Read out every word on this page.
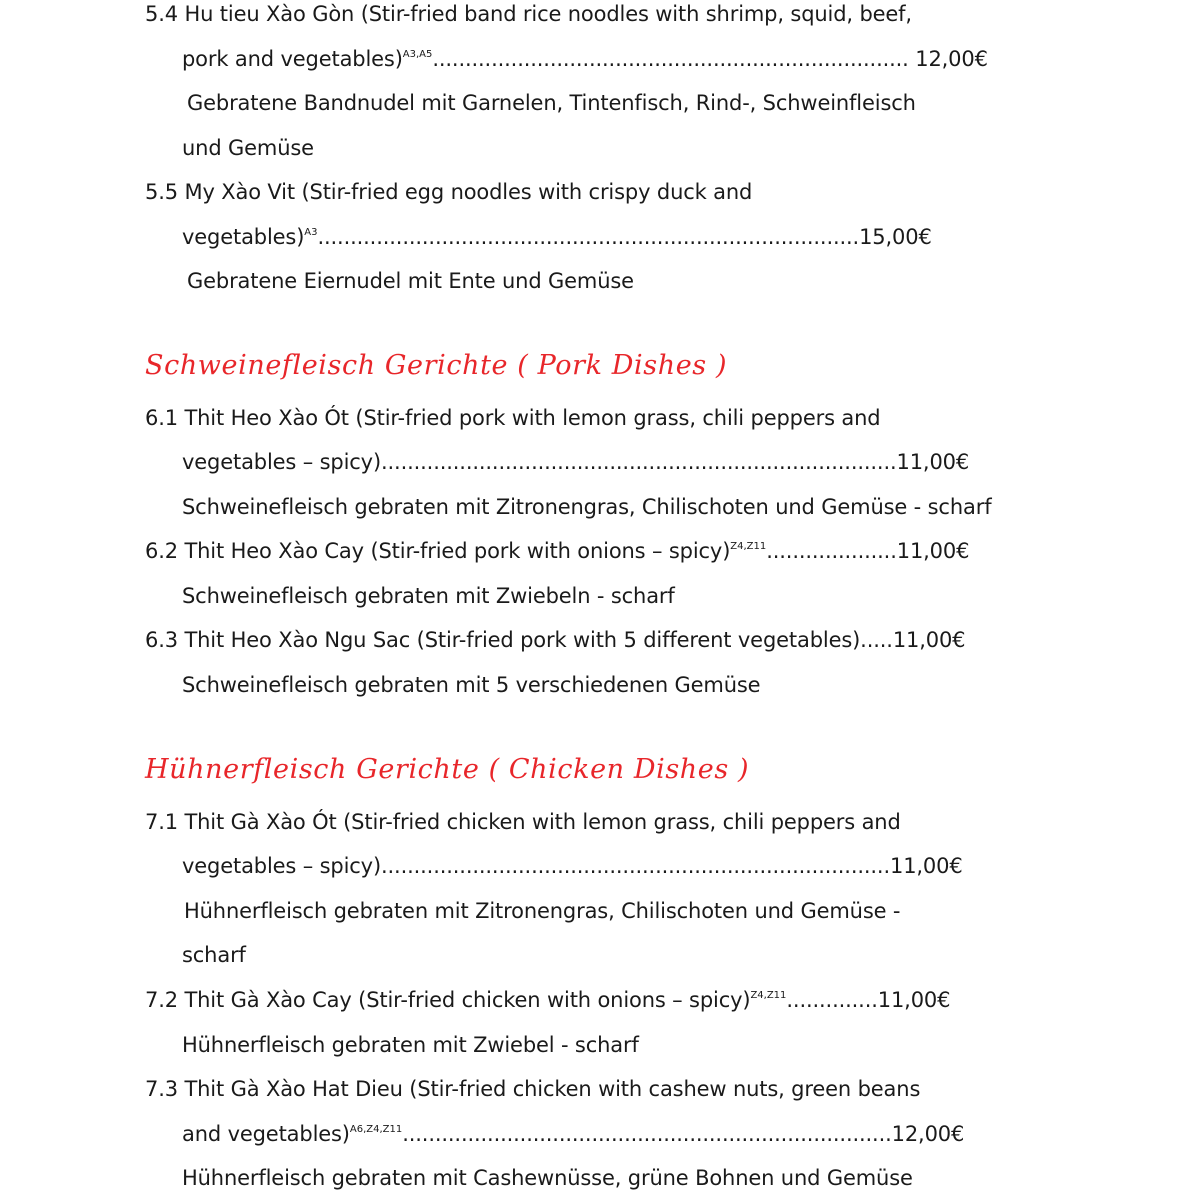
5.4 Hu tieu Xào Gòn (Stir-fried band rice noodles with shrimp, squid, beef,
pork and vegetables)$^{A3,A5}$......................................................................... 12,00€
Gebratene Bandnudel mit Garnelen, Tintenfisch, Rind-, Schweinfleisch
und Gemüse
5.5 My Xào Vit (Stir-fried egg noodles with crispy duck and
vegetables)$^{A3}$...................................................................................15,00€
Gebratene Eiernudel mit Ente und Gemüse
Schweinefleisch Gerichte ( Pork Dishes )
6.1 Thit Heo Xào Ót (Stir-fried pork with lemon grass, chili peppers and
vegetables – spicy)...............................................................................11,00€
Schweinefleisch gebraten mit Zitronengras, Chilischoten und Gemüse - scharf
6.2 Thit Heo Xào Cay (Stir-fried pork with onions – spicy)$^{Z4,Z11}$....................11,00€
Schweinefleisch gebraten mit Zwiebeln - scharf
6.3 Thit Heo Xào Ngu Sac (Stir-fried pork with 5 different vegetables).....11,00€
Schweinefleisch gebraten mit 5 verschiedenen Gemüse
Hühnerfleisch Gerichte ( Chicken Dishes )
7.1 Thit Gà Xào Ót (Stir-fried chicken with lemon grass, chili peppers and
vegetables – spicy)..............................................................................11,00€
Hühnerfleisch gebraten mit Zitronengras, Chilischoten und Gemüse -
scharf
7.2 Thit Gà Xào Cay (Stir-fried chicken with onions – spicy)$^{Z4,Z11}$..............11,00€
Hühnerfleisch gebraten mit Zwiebel - scharf
7.3 Thit Gà Xào Hat Dieu (Stir-fried chicken with cashew nuts, green beans
and vegetables)$^{A6,Z4,Z11}$...........................................................................12,00€
Hühnerfleisch gebraten mit Cashewnüsse, grüne Bohnen und Gemüse
